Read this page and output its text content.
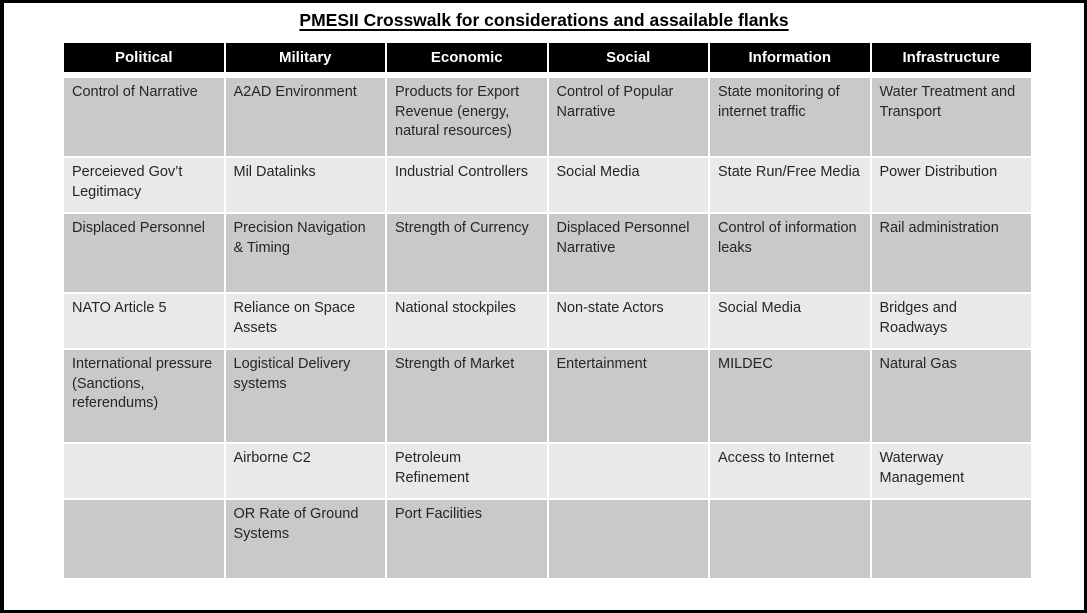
PMESII Crosswalk for considerations and assailable flanks
Political	Military	Economic	Social	Information	Infrastructure
Control of Narrative	A2AD Environment	Products for Export Revenue (energy, natural resources)	Control of Popular Narrative	State monitoring of internet traffic	Water Treatment and Transport
Perceieved Gov’t Legitimacy	Mil Datalinks	Industrial Controllers	Social Media	State Run/Free Media	Power Distribution
Displaced Personnel	Precision Navigation & Timing	Strength of Currency	Displaced Personnel Narrative	Control of information leaks	Rail administration
NATO Article 5	Reliance on Space Assets	National stockpiles	Non-state Actors	Social Media	Bridges and Roadways
International pressure (Sanctions, referendums)	Logistical Delivery systems	Strength of Market	Entertainment	MILDEC	Natural Gas
	Airborne C2	Petroleum Refinement		Access to Internet	Waterway Management
	OR Rate of Ground Systems	Port Facilities			
